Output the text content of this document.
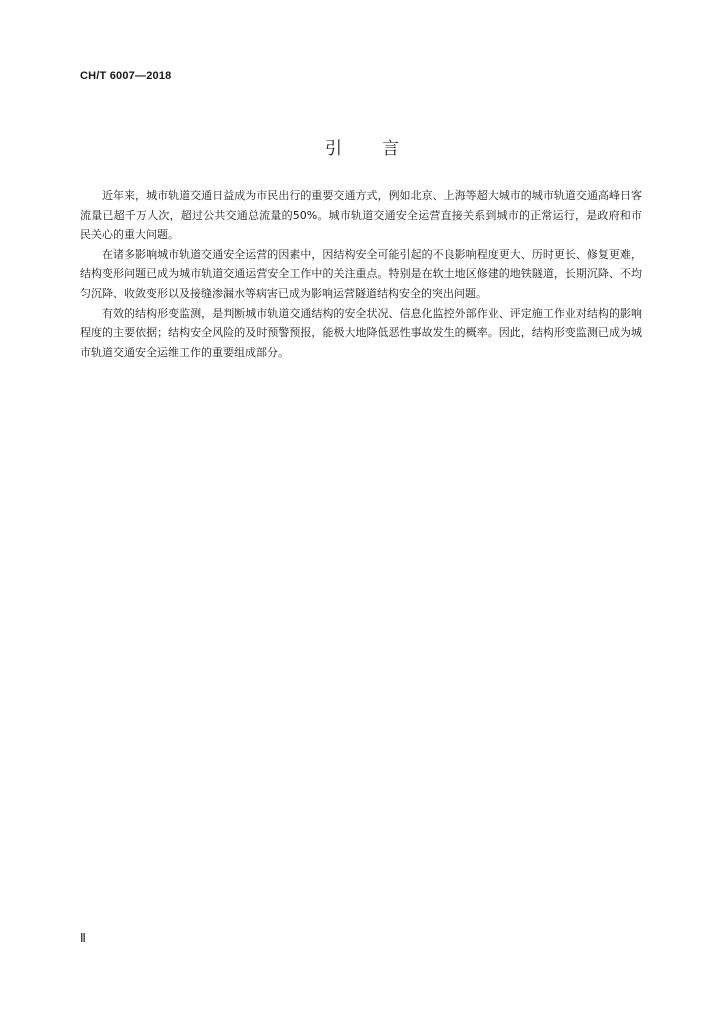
CH/T 6007—2018
引言

近年来，城市轨道交通日益成为市民出行的重要交通方式，例如北京、上海等超大城市的城市轨道交通高峰日客流量已超千万人次，超过公共交通总流量的50%。城市轨道交通安全运营直接关系到城市的正常运行，是政府和市民关心的重大问题。

在诸多影响城市轨道交通安全运营的因素中，因结构安全可能引起的不良影响程度更大、历时更长、修复更难，结构变形问题已成为城市轨道交通运营安全工作中的关注重点。特别是在软土地区修建的地铁隧道，长期沉降、不均匀沉降、收敛变形以及接缝渗漏水等病害已成为影响运营隧道结构安全的突出问题。

有效的结构形变监测，是判断城市轨道交通结构的安全状况、信息化监控外部作业、评定施工作业对结构的影响程度的主要依据；结构安全风险的及时预警预报，能极大地降低恶性事故发生的概率。因此，结构形变监测已成为城市轨道交通安全运维工作的重要组成部分。

Ⅱ
